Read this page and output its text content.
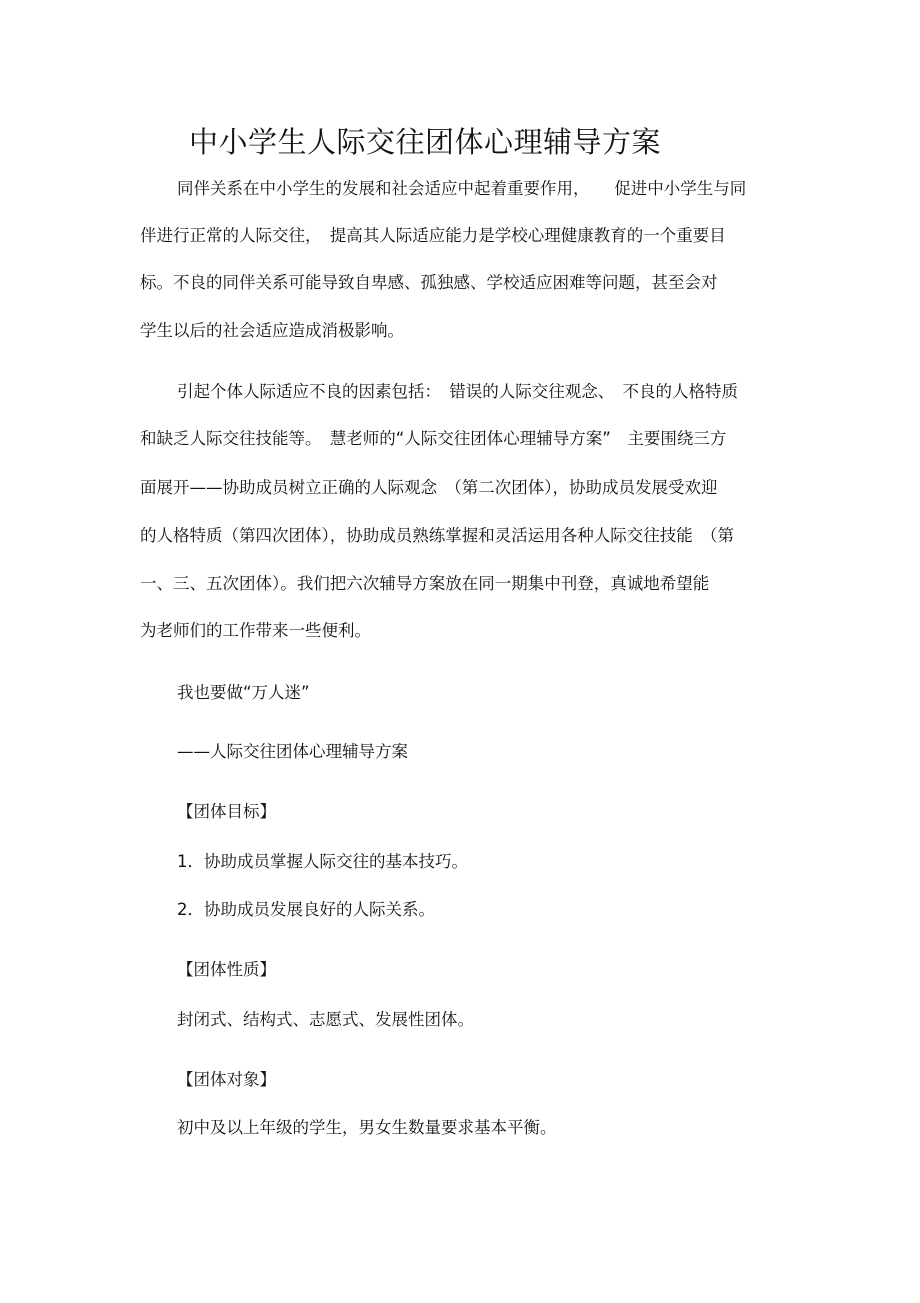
中小学生人际交往团体心理辅导方案
同伴关系在中小学生的发展和社会适应中起着重要作用，　　促进中小学生与同
伴进行正常的人际交往，　提高其人际适应能力是学校心理健康教育的一个重要目
标。不良的同伴关系可能导致自卑感、孤独感、学校适应困难等问题，甚至会对
学生以后的社会适应造成消极影响。
引起个体人际适应不良的因素包括：　错误的人际交往观念、　不良的人格特质
和缺乏人际交往技能等。　慧老师的“人际交往团体心理辅导方案”　主要围绕三方
面展开——协助成员树立正确的人际观念　（第二次团体），协助成员发展受欢迎
的人格特质（第四次团体），协助成员熟练掌握和灵活运用各种人际交往技能　（第
一、三、五次团体）。我们把六次辅导方案放在同一期集中刊登，真诚地希望能
为老师们的工作带来一些便利。
我也要做“万人迷”
——人际交往团体心理辅导方案
【团体目标】
1．协助成员掌握人际交往的基本技巧。
2．协助成员发展良好的人际关系。
【团体性质】
封闭式、结构式、志愿式、发展性团体。
【团体对象】
初中及以上年级的学生，男女生数量要求基本平衡。
